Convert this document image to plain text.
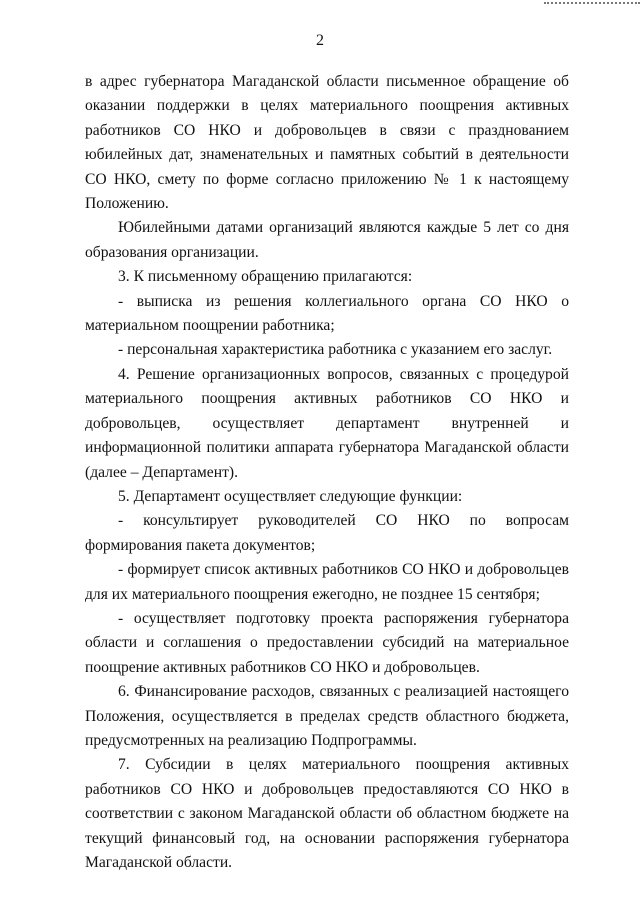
2

в адрес губернатора Магаданской области письменное обращение об оказании поддержки в целях материального поощрения активных работников СО НКО и добровольцев в связи с празднованием юбилейных дат, знаменательных и памятных событий в деятельности СО НКО, смету по форме согласно приложению № 1 к настоящему Положению.

Юбилейными датами организаций являются каждые 5 лет со дня образования организации.

3. К письменному обращению прилагаются:

- выписка из решения коллегиального органа СО НКО о материальном поощрении работника;

- персональная характеристика работника с указанием его заслуг.

4. Решение организационных вопросов, связанных с процедурой материального поощрения активных работников СО НКО и добровольцев, осуществляет департамент внутренней и информационной политики аппарата губернатора Магаданской области (далее – Департамент).

5. Департамент осуществляет следующие функции:

- консультирует руководителей СО НКО по вопросам формирования пакета документов;

- формирует список активных работников СО НКО и добровольцев для их материального поощрения ежегодно, не позднее 15 сентября;

- осуществляет подготовку проекта распоряжения губернатора области и соглашения о предоставлении субсидий на материальное поощрение активных работников СО НКО и добровольцев.

6. Финансирование расходов, связанных с реализацией настоящего Положения, осуществляется в пределах средств областного бюджета, предусмотренных на реализацию Подпрограммы.

7. Субсидии в целях материального поощрения активных работников СО НКО и добровольцев предоставляются СО НКО в соответствии с законом Магаданской области об областном бюджете на текущий финансовый год, на основании распоряжения губернатора Магаданской области.
